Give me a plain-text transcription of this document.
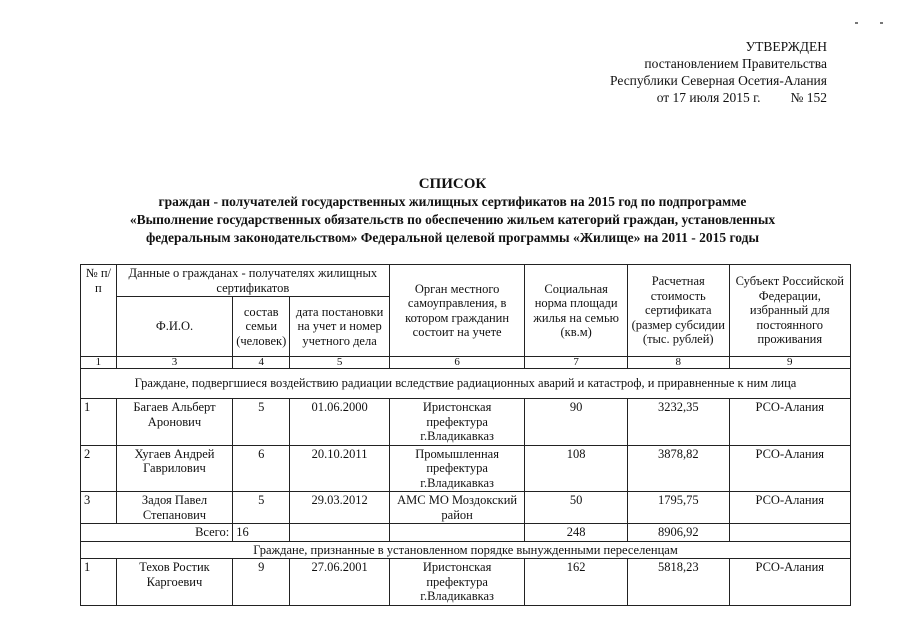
УТВЕРЖДЕН
постановлением Правительства
Республики Северная Осетия-Алания
от 17 июля 2015 г. № 152
СПИСОК
граждан - получателей государственных жилищных сертификатов на 2015 год по подпрограмме
«Выполнение государственных обязательств по обеспечению жильем категорий граждан, установленных
федеральным законодательством» Федеральной целевой программы «Жилище» на 2011 - 2015 годы
№ п/п	Данные о гражданах - получателях жилищных сертификатов			Орган местного самоуправления, в котором гражданин состоит на учете	Социальная норма площади жилья на семью (кв.м)	Расчетная стоимость сертификата (размер субсидии (тыс. рублей)	Субъект Российской Федерации, избранный для постоянного проживания
	Ф.И.О.	состав семьи (человек)	дата постановки на учет и номер учетного дела				
1	3	4	5	6	7	8	9
Граждане, подвергшиеся воздействию радиации вследствие радиационных аварий и катастроф, и приравненные к ним лица							
1	Багаев Альберт Аронович	5	01.06.2000	Иристонская префектура г.Владикавказ	90	3232,35	РСО-Алания
2	Хугаев Андрей Гаврилович	6	20.10.2011	Промышленная префектура г.Владикавказ	108	3878,82	РСО-Алания
3	Задоя Павел Степанович	5	29.03.2012	АМС МО Моздокский район	50	1795,75	РСО-Алания
Всего:		16			248	8906,92	
Граждане, признанные в установленном порядке вынужденными переселенцам							
1	Техов Ростик Каргоевич	9	27.06.2001	Иристонская префектура г.Владикавказ	162	5818,23	РСО-Алания
